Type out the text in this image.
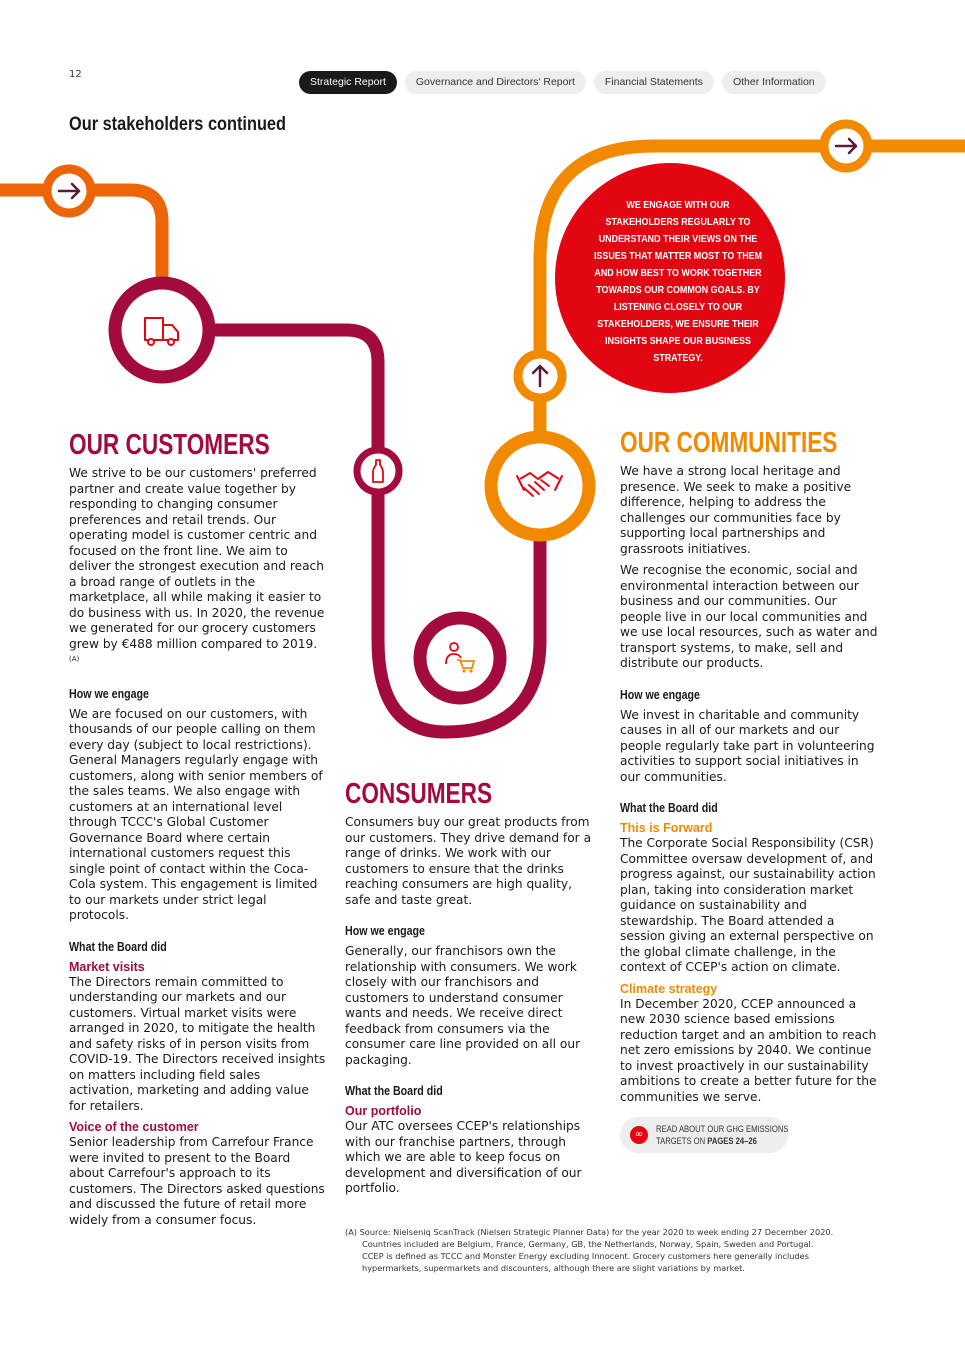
12
Strategic Report	Governance and Directors' Report	Financial Statements	Other Information
Our stakeholders continued
WE ENGAGE WITH OUR STAKEHOLDERS REGULARLY TO UNDERSTAND THEIR VIEWS ON THE ISSUES THAT MATTER MOST TO THEM AND HOW BEST TO WORK TOGETHER TOWARDS OUR COMMON GOALS. BY LISTENING CLOSELY TO OUR STAKEHOLDERS, WE ENSURE THEIR INSIGHTS SHAPE OUR BUSINESS STRATEGY.
OUR CUSTOMERS

We strive to be our customers' preferred partner and create value together by responding to changing consumer preferences and retail trends. Our operating model is customer centric and focused on the front line. We aim to deliver the strongest execution and reach a broad range of outlets in the marketplace, all while making it easier to do business with us. In 2020, the revenue we generated for our grocery customers grew by €488 million compared to 2019.$^{(A)}$

How we engage

We are focused on our customers, with thousands of our people calling on them every day (subject to local restrictions). General Managers regularly engage with customers, along with senior members of the sales teams. We also engage with customers at an international level through TCCC's Global Customer Governance Board where certain international customers request this single point of contact within the Coca-Cola system. This engagement is limited to our markets under strict legal protocols.

What the Board did
Market visits

The Directors remain committed to understanding our markets and our customers. Virtual market visits were arranged in 2020, to mitigate the health and safety risks of in person visits from COVID-19. The Directors received insights on matters including field sales activation, marketing and adding value for retailers.

Voice of the customer

Senior leadership from Carrefour France were invited to present to the Board about Carrefour's approach to its customers. The Directors asked questions and discussed the future of retail more widely from a consumer focus.

CONSUMERS

Consumers buy our great products from our customers. They drive demand for a range of drinks. We work with our customers to ensure that the drinks reaching consumers are high quality, safe and taste great.

How we engage

Generally, our franchisors own the relationship with consumers. We work closely with our franchisors and customers to understand consumer wants and needs. We receive direct feedback from consumers via the consumer care line provided on all our packaging.

What the Board did
Our portfolio

Our ATC oversees CCEP's relationships with our franchise partners, through which we are able to keep focus on development and diversification of our portfolio.

OUR COMMUNITIES

We have a strong local heritage and presence. We seek to make a positive difference, helping to address the challenges our communities face by supporting local partnerships and grassroots initiatives.

We recognise the economic, social and environmental interaction between our business and our communities. Our people live in our local communities and we use local resources, such as water and transport systems, to make, sell and distribute our products.

How we engage

We invest in charitable and community causes in all of our markets and our people regularly take part in volunteering activities to support social initiatives in our communities.

What the Board did
This is Forward

The Corporate Social Responsibility (CSR) Committee oversaw development of, and progress against, our sustainability action plan, taking into consideration market guidance on sustainability and stewardship. The Board attended a session giving an external perspective on the global climate challenge, in the context of CCEP's action on climate.

Climate strategy

In December 2020, CCEP announced a new 2030 science based emissions reduction target and an ambition to reach net zero emissions by 2040. We continue to invest proactively in our sustainability ambitions to create a better future for the communities we serve.

∞	READ ABOUT OUR GHG EMISSIONS
TARGETS ON PAGES 24–26
(A) Source: Nielseniq ScanTrack (Nielsen Strategic Planner Data) for the year 2020 to week ending 27 December 2020.
Countries included are Belgium, France, Germany, GB, the Netherlands, Norway, Spain, Sweden and Portugal.
CCEP is defined as TCCC and Monster Energy excluding Innocent. Grocery customers here generally includes
hypermarkets, supermarkets and discounters, although there are slight variations by market.
